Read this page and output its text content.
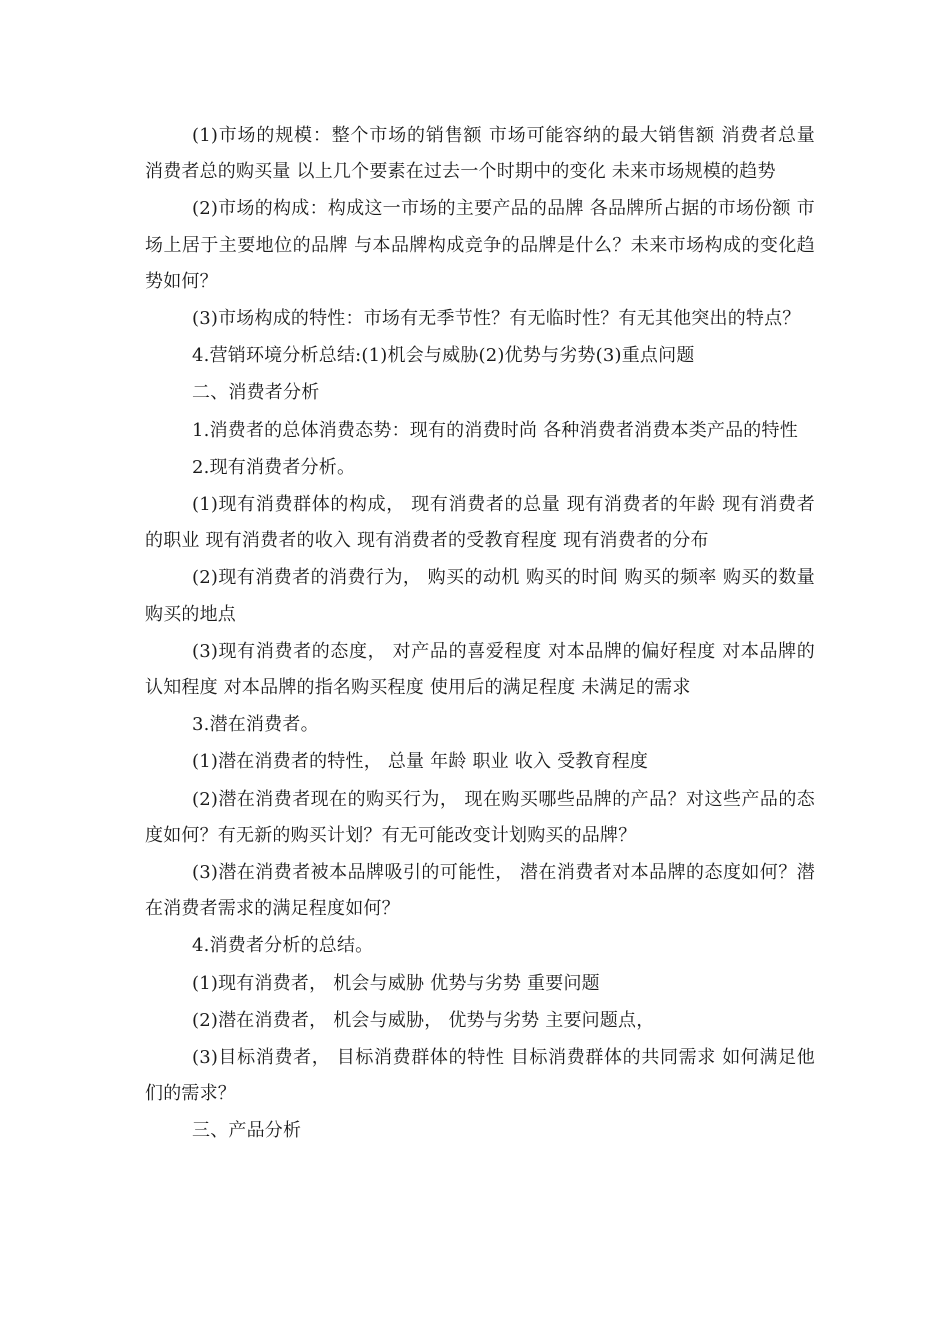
(1)市场的规模：整个市场的销售额 市场可能容纳的最大销售额 消费者总量 消费者总的购买量 以上几个要素在过去一个时期中的变化 未来市场规模的趋势

(2)市场的构成：构成这一市场的主要产品的品牌 各品牌所占据的市场份额 市场上居于主要地位的品牌 与本品牌构成竞争的品牌是什么？未来市场构成的变化趋势如何？

(3)市场构成的特性：市场有无季节性？有无临时性？有无其他突出的特点？

4.营销环境分析总结:(1)机会与威胁(2)优势与劣势(3)重点问题

二、消费者分析

1.消费者的总体消费态势：现有的消费时尚 各种消费者消费本类产品的特性

2.现有消费者分析。

(1)现有消费群体的构成， 现有消费者的总量 现有消费者的年龄 现有消费者的职业 现有消费者的收入 现有消费者的受教育程度 现有消费者的分布

(2)现有消费者的消费行为， 购买的动机 购买的时间 购买的频率 购买的数量 购买的地点

(3)现有消费者的态度， 对产品的喜爱程度 对本品牌的偏好程度 对本品牌的认知程度 对本品牌的指名购买程度 使用后的满足程度 未满足的需求

3.潜在消费者。

(1)潜在消费者的特性， 总量 年龄 职业 收入 受教育程度

(2)潜在消费者现在的购买行为， 现在购买哪些品牌的产品？对这些产品的态度如何？有无新的购买计划？有无可能改变计划购买的品牌？

(3)潜在消费者被本品牌吸引的可能性， 潜在消费者对本品牌的态度如何？潜在消费者需求的满足程度如何？

4.消费者分析的总结。

(1)现有消费者， 机会与威胁 优势与劣势 重要问题

(2)潜在消费者， 机会与威胁， 优势与劣势 主要问题点，

(3)目标消费者， 目标消费群体的特性 目标消费群体的共同需求 如何满足他们的需求？

三、产品分析
